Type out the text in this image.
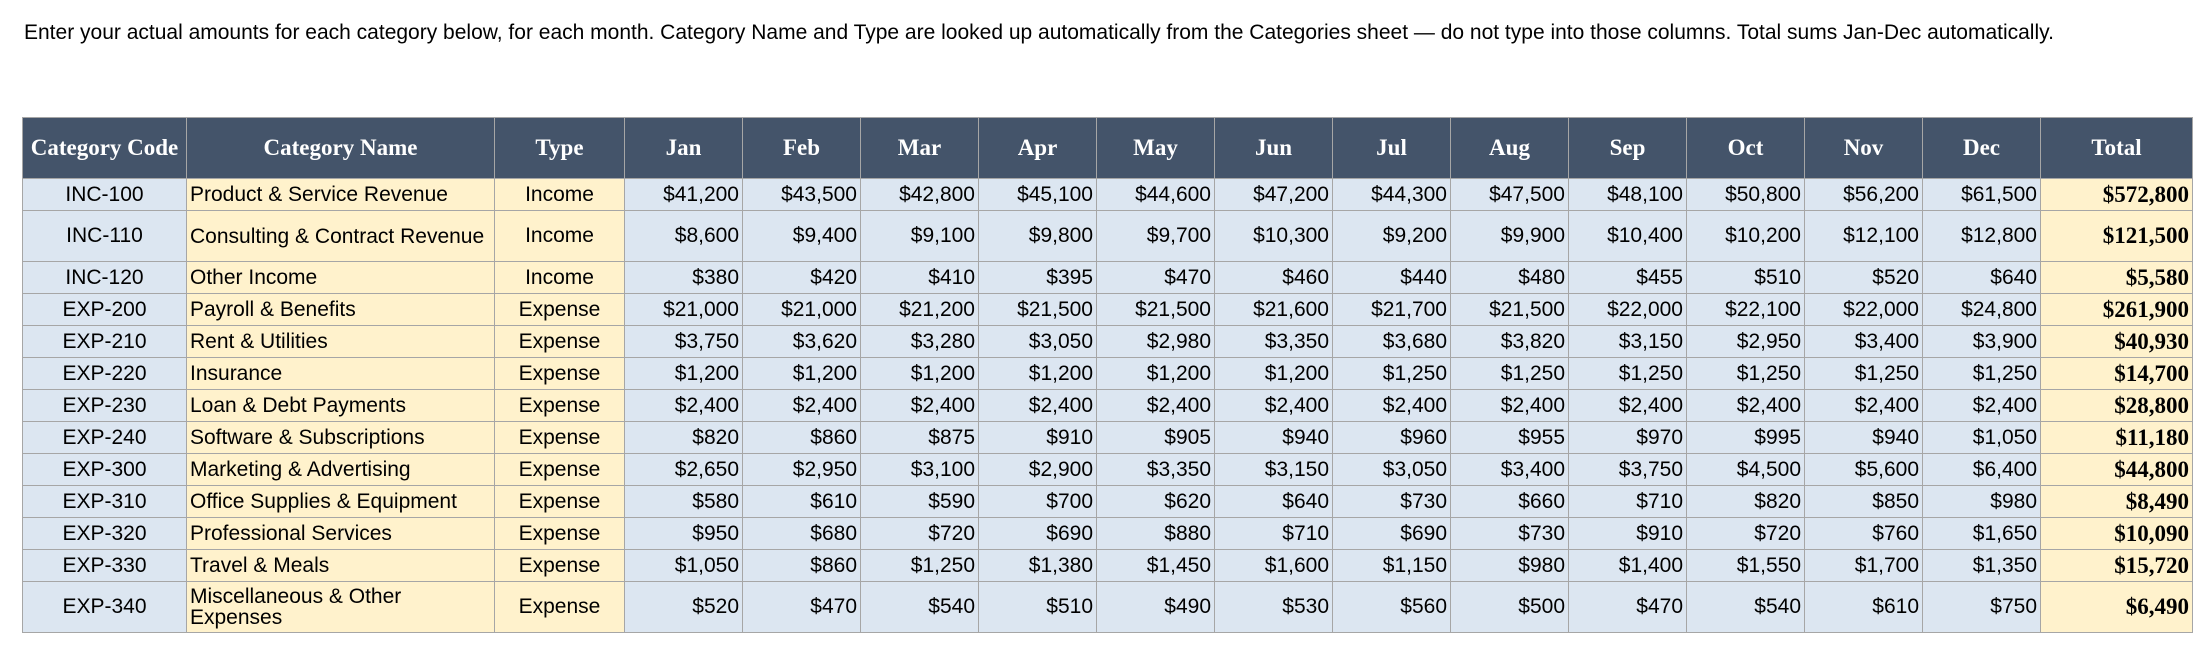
Enter your actual amounts for each category below, for each month. Category Name and Type are looked up automatically from the Categories sheet — do not type into those columns. Total sums Jan-Dec automatically.
Category Code	Category Name	Type	Jan	Feb	Mar	Apr	May	Jun	Jul	Aug	Sep	Oct	Nov	Dec	Total
INC-100	Product & Service Revenue	Income	$41,200	$43,500	$42,800	$45,100	$44,600	$47,200	$44,300	$47,500	$48,100	$50,800	$56,200	$61,500	$572,800
INC-110	Consulting & Contract Revenue	Income	$8,600	$9,400	$9,100	$9,800	$9,700	$10,300	$9,200	$9,900	$10,400	$10,200	$12,100	$12,800	$121,500
INC-120	Other Income	Income	$380	$420	$410	$395	$470	$460	$440	$480	$455	$510	$520	$640	$5,580
EXP-200	Payroll & Benefits	Expense	$21,000	$21,000	$21,200	$21,500	$21,500	$21,600	$21,700	$21,500	$22,000	$22,100	$22,000	$24,800	$261,900
EXP-210	Rent & Utilities	Expense	$3,750	$3,620	$3,280	$3,050	$2,980	$3,350	$3,680	$3,820	$3,150	$2,950	$3,400	$3,900	$40,930
EXP-220	Insurance	Expense	$1,200	$1,200	$1,200	$1,200	$1,200	$1,200	$1,250	$1,250	$1,250	$1,250	$1,250	$1,250	$14,700
EXP-230	Loan & Debt Payments	Expense	$2,400	$2,400	$2,400	$2,400	$2,400	$2,400	$2,400	$2,400	$2,400	$2,400	$2,400	$2,400	$28,800
EXP-240	Software & Subscriptions	Expense	$820	$860	$875	$910	$905	$940	$960	$955	$970	$995	$940	$1,050	$11,180
EXP-300	Marketing & Advertising	Expense	$2,650	$2,950	$3,100	$2,900	$3,350	$3,150	$3,050	$3,400	$3,750	$4,500	$5,600	$6,400	$44,800
EXP-310	Office Supplies & Equipment	Expense	$580	$610	$590	$700	$620	$640	$730	$660	$710	$820	$850	$980	$8,490
EXP-320	Professional Services	Expense	$950	$680	$720	$690	$880	$710	$690	$730	$910	$720	$760	$1,650	$10,090
EXP-330	Travel & Meals	Expense	$1,050	$860	$1,250	$1,380	$1,450	$1,600	$1,150	$980	$1,400	$1,550	$1,700	$1,350	$15,720
EXP-340	Miscellaneous & Other Expenses	Expense	$520	$470	$540	$510	$490	$530	$560	$500	$470	$540	$610	$750	$6,490
